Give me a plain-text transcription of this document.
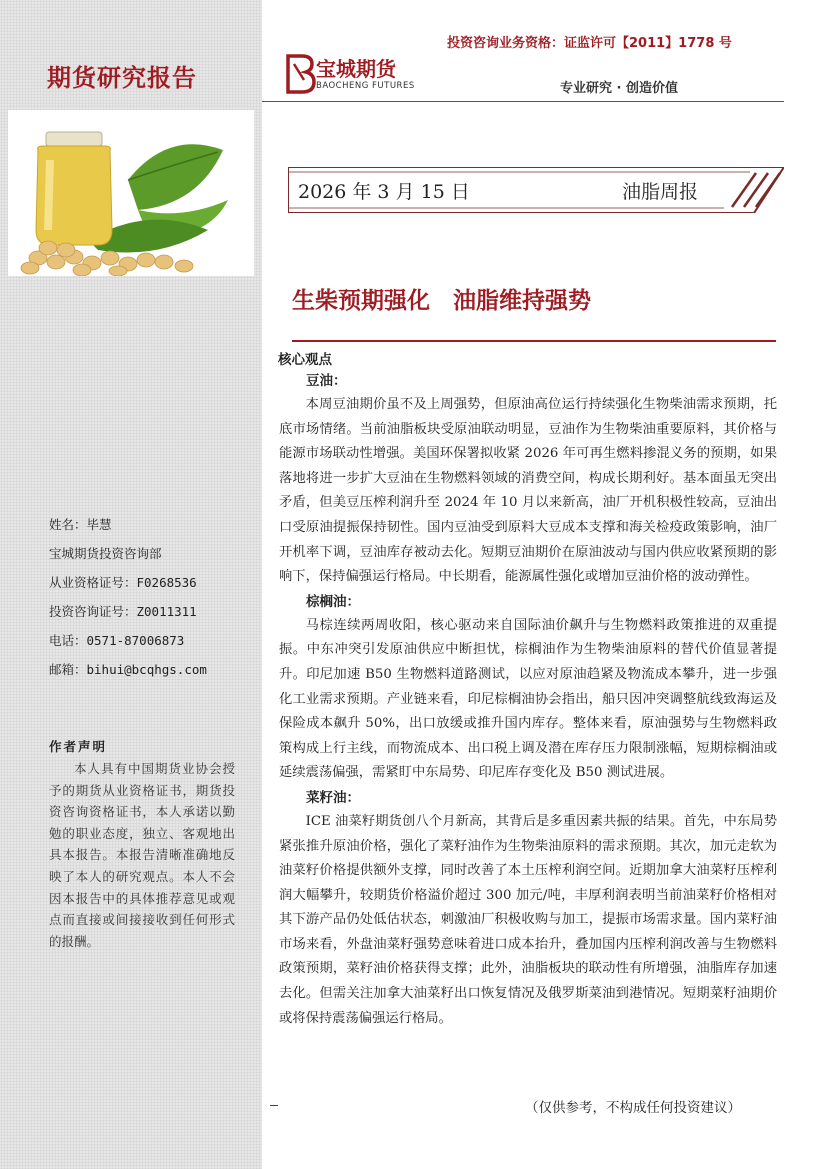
期货研究报告
姓名：毕慧
宝城期货投资咨询部
从业资格证号：F0268536
投资咨询证号：Z0011311
电话：0571-87006873
邮箱：bihui@bcqhgs.com
作者声明
本人具有中国期货业协会授予的期货从业资格证书，期货投资咨询资格证书，本人承诺以勤勉的职业态度，独立、客观地出具本报告。本报告清晰准确地反映了本人的研究观点。本人不会因本报告中的具体推荐意见或观点而直接或间接接收到任何形式的报酬。
投资咨询业务资格：证监许可【2011】1778 号
宝城期货
BAOCHENG FUTURES	专业研究 · 创造价值
2026 年 3 月 15 日	油脂周报
生柴预期强化　油脂维持强势
核心观点
豆油：

本周豆油期价虽不及上周强势，但原油高位运行持续强化生物柴油需求预期，托底市场情绪。当前油脂板块受原油联动明显，豆油作为生物柴油重要原料，其价格与能源市场联动性增强。美国环保署拟收紧 2026 年可再生燃料掺混义务的预期，如果落地将进一步扩大豆油在生物燃料领域的消费空间，构成长期利好。基本面虽无突出矛盾，但美豆压榨利润升至 2024 年 10 月以来新高，油厂开机积极性较高，豆油出口受原油提振保持韧性。国内豆油受到原料大豆成本支撑和海关检疫政策影响，油厂开机率下调，豆油库存被动去化。短期豆油期价在原油波动与国内供应收紧预期的影响下，保持偏强运行格局。中长期看，能源属性强化或增加豆油价格的波动弹性。

棕榈油：

马棕连续两周收阳，核心驱动来自国际油价飙升与生物燃料政策推进的双重提振。中东冲突引发原油供应中断担忧，棕榈油作为生物柴油原料的替代价值显著提升。印尼加速 B50 生物燃料道路测试，以应对原油趋紧及物流成本攀升，进一步强化工业需求预期。产业链来看，印尼棕榈油协会指出，船只因冲突调整航线致海运及保险成本飙升 50%，出口放缓或推升国内库存。整体来看，原油强势与生物燃料政策构成上行主线，而物流成本、出口税上调及潜在库存压力限制涨幅，短期棕榈油或延续震荡偏强，需紧盯中东局势、印尼库存变化及 B50 测试进展。

菜籽油：

ICE 油菜籽期货创八个月新高，其背后是多重因素共振的结果。首先，中东局势紧张推升原油价格，强化了菜籽油作为生物柴油原料的需求预期。其次，加元走软为油菜籽价格提供额外支撑，同时改善了本土压榨利润空间。近期加拿大油菜籽压榨利润大幅攀升，较期货价格溢价超过 300 加元/吨，丰厚利润表明当前油菜籽价格相对其下游产品仍处低估状态，刺激油厂积极收购与加工，提振市场需求量。国内菜籽油市场来看，外盘油菜籽强势意味着进口成本抬升，叠加国内压榨利润改善与生物燃料政策预期，菜籽油价格获得支撑；此外，油脂板块的联动性有所增强，油脂库存加速去化。但需关注加拿大油菜籽出口恢复情况及俄罗斯菜油到港情况。短期菜籽油期价或将保持震荡偏强运行格局。

（仅供参考，不构成任何投资建议）
